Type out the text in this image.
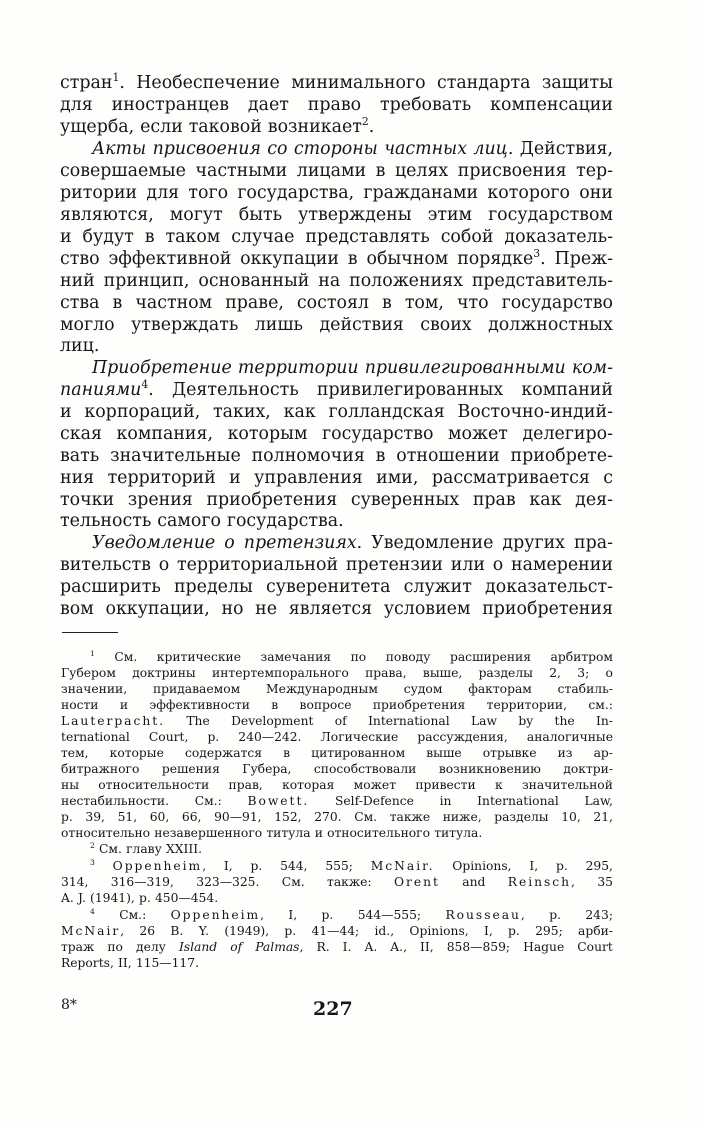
стран$^1$. Необеспечение минимального стандарта защиты
для иностранцев дает право требовать компенсации
ущерба, если таковой возникает$^2$.
Акты присвоения со стороны частных лиц. Действия,
совершаемые частными лицами в целях присвоения тер-
ритории для того государства, гражданами которого они
являются, могут быть утверждены этим государством
и будут в таком случае представлять собой доказатель-
ство эффективной оккупации в обычном порядке$^3$. Преж-
ний принцип, основанный на положениях представитель-
ства в частном праве, состоял в том, что государство
могло утверждать лишь действия своих должностных
лиц.
Приобретение территории привилегированными ком-
паниями$^4$. Деятельность привилегированных компаний
и корпораций, таких, как голландская Восточно-индий-
ская компания, которым государство может делегиро-
вать значительные полномочия в отношении приобрете-
ния территорий и управления ими, рассматривается с
точки зрения приобретения суверенных прав как дея-
тельность самого государства.
Уведомление о претензиях. Уведомление других пра-
вительств о территориальной претензии или о намерении
расширить пределы суверенитета служит доказательст-
вом оккупации, но не является условием приобретения
$^1$ См. критические замечания по поводу расширения арбитром
Губером доктрины интертемпорального права, выше, разделы 2, 3; о
значении, придаваемом Международным судом факторам стабиль-
ности и эффективности в вопросе приобретения территории, см.:
Lauterpacht. The Development of International Law by the In-
ternational Court, p. 240—242. Логические рассуждения, аналогичные
тем, которые содержатся в цитированном выше отрывке из ар-
битражного решения Губера, способствовали возникновению доктри-
ны относительности прав, которая может привести к значительной
нестабильности. См.: Bowett. Self-Defence in International Law,
p. 39, 51, 60, 66, 90—91, 152, 270. См. также ниже, разделы 10, 21,
относительно незавершенного титула и относительного титула.
$^2$ См. главу XXIII.
$^3$ Oppenheim, I, p. 544, 555; McNair. Opinions, I, p. 295,
314, 316—319, 323—325. См. также: Orent and Reinsch, 35
A. J. (1941), p. 450—454.
$^4$ См.: Oppenheim, I, p. 544—555; Rousseau, p. 243;
McNair, 26 B. Y. (1949), p. 41—44; id., Opinions, I, p. 295; арби-
траж по делу Island of Palmas, R. I. A. A., II, 858—859; Hague Court
Reports, II, 115—117.
8*	227
